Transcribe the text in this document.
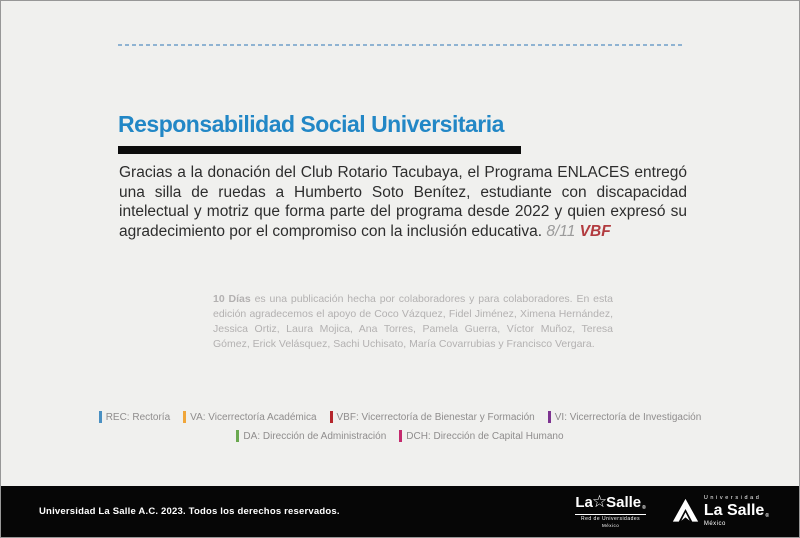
Responsabilidad Social Universitaria

Gracias a la donación del Club Rotario Tacubaya, el Programa ENLACES entregó una silla de ruedas a Humberto Soto Benítez, estudiante con discapacidad intelectual y motriz que forma parte del programa desde 2022 y quien expresó su agradecimiento por el compromiso con la inclusión educativa. 8/11 VBF

10 Días es una publicación hecha por colaboradores y para colaboradores. En esta edición agradecemos el apoyo de Coco Vázquez, Fidel Jiménez, Ximena Hernández, Jessica Ortiz, Laura Mojica, Ana Torres, Pamela Guerra, Víctor Muñoz, Teresa Gómez, Erick Velásquez, Sachi Uchisato, María Covarrubias y Francisco Vergara.

REC: Rectoría VA: Vicerrectoría Académica VBF: Vicerrectoría de Bienestar y Formación VI: Vicerrectoría de Investigación
DA: Dirección de Administración DCH: Dirección de Capital Humano
Universidad La Salle A.C. 2023. Todos los derechos reservados.
La ☆ Salle ®
Red de Universidades
México
Universidad
La Salle ®
México
